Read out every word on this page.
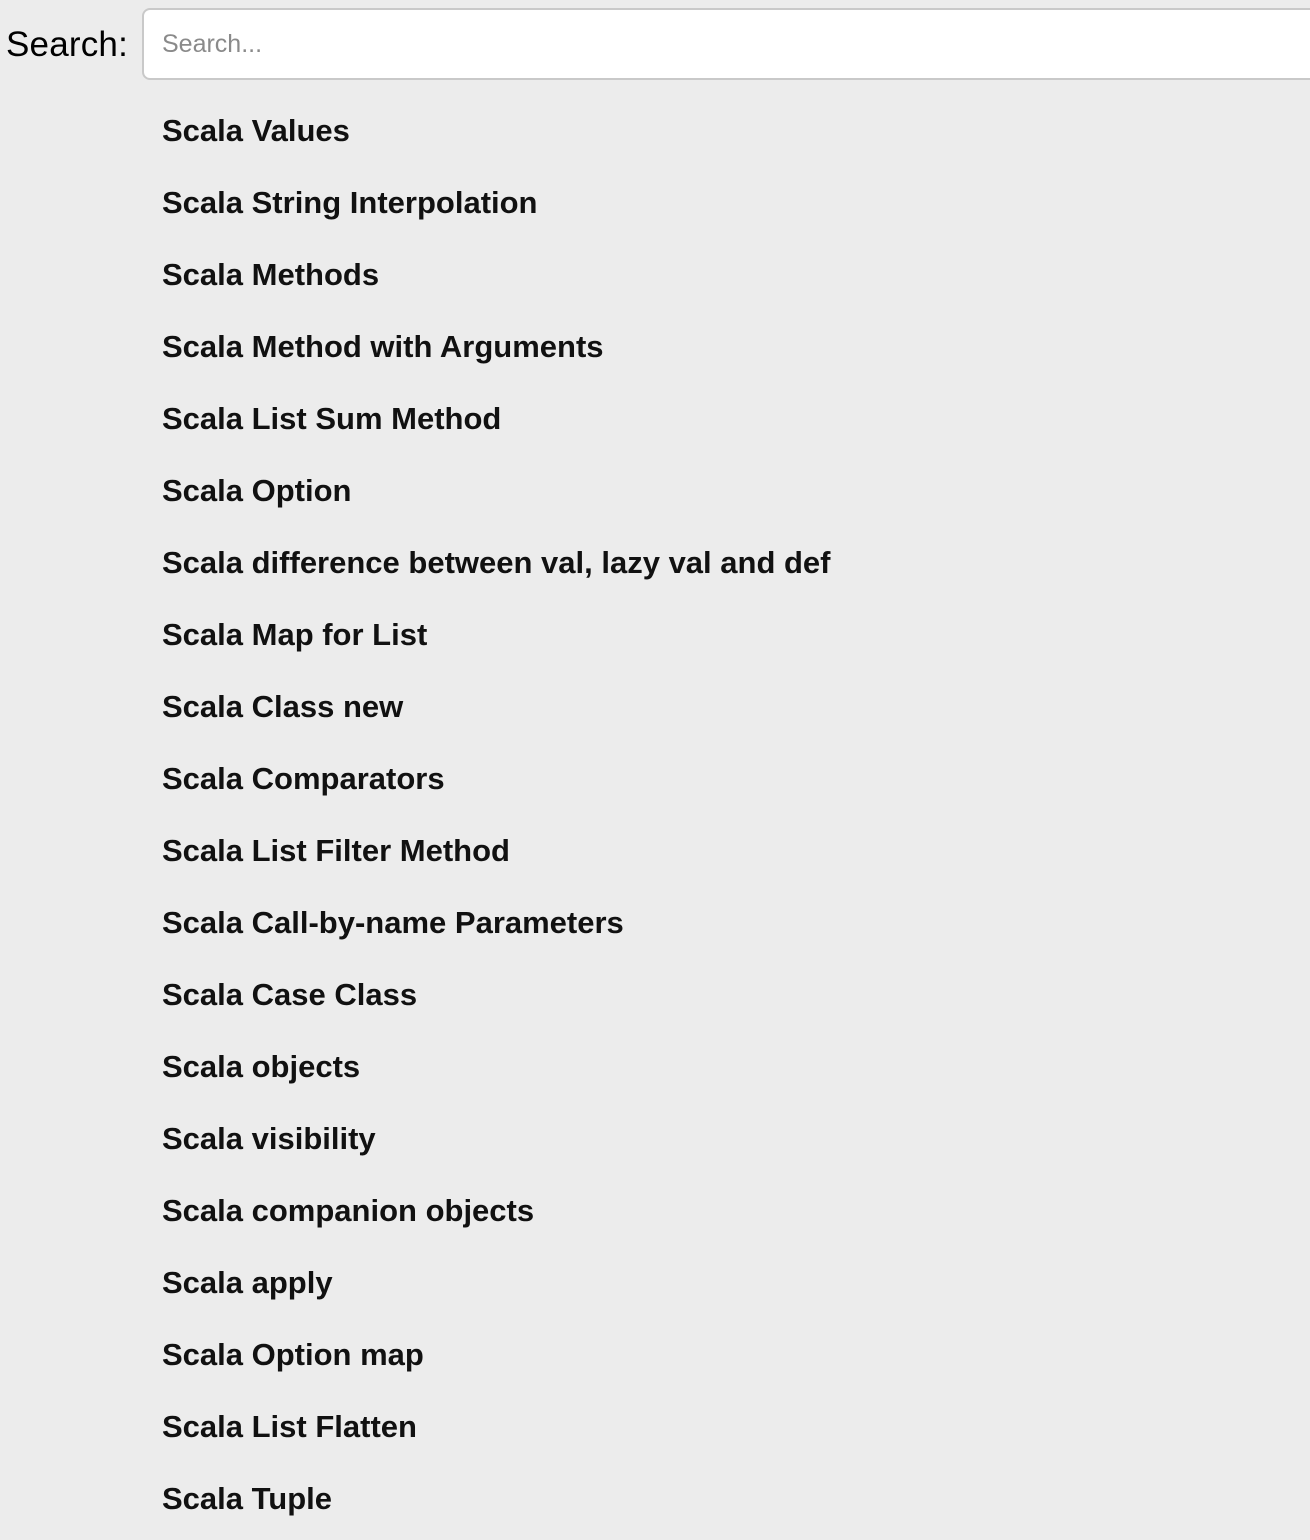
Search:
Search...
Scala Values
Scala String Interpolation
Scala Methods
Scala Method with Arguments
Scala List Sum Method
Scala Option
Scala difference between val, lazy val and def
Scala Map for List
Scala Class new
Scala Comparators
Scala List Filter Method
Scala Call-by-name Parameters
Scala Case Class
Scala objects
Scala visibility
Scala companion objects
Scala apply
Scala Option map
Scala List Flatten
Scala Tuple
